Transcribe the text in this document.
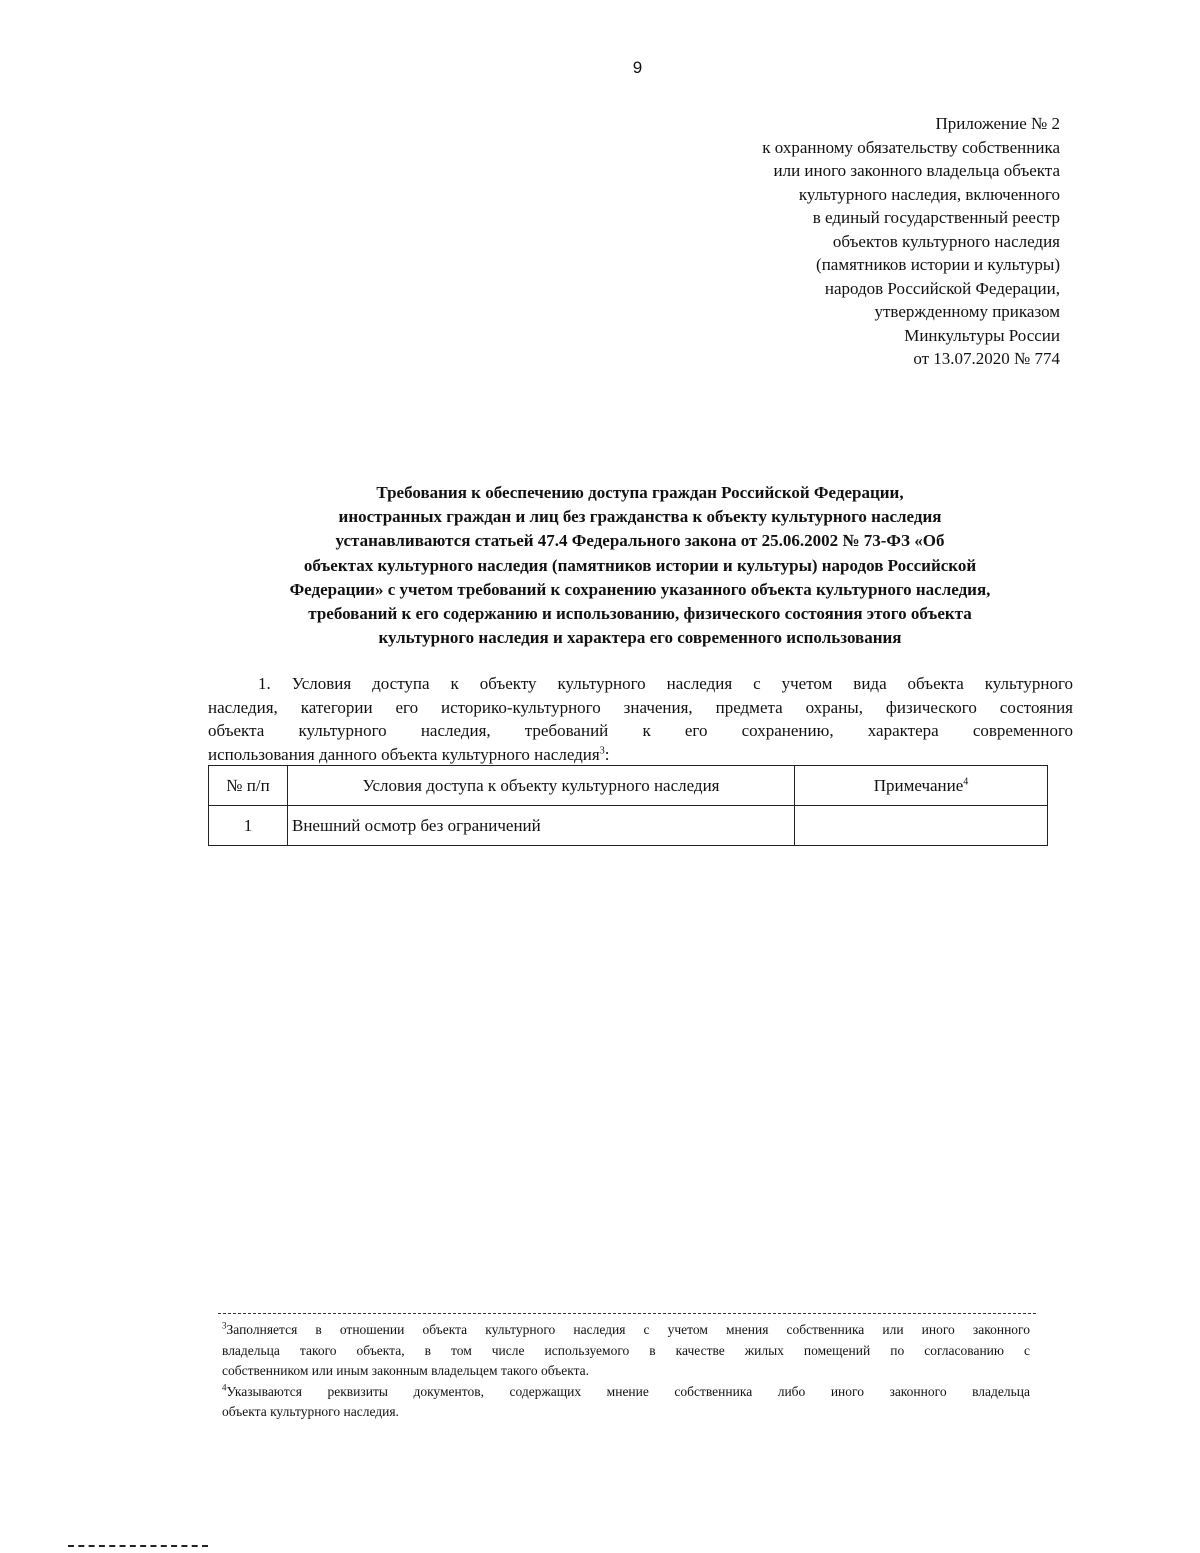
9
Приложение № 2
к охранному обязательству собственника
или иного законного владельца объекта
культурного наследия, включенного
в единый государственный реестр
объектов культурного наследия
(памятников истории и культуры)
народов Российской Федерации,
утвержденному приказом
Минкультуры России
от 13.07.2020 № 774
Требования к обеспечению доступа граждан Российской Федерации,
иностранных граждан и лиц без гражданства к объекту культурного наследия
устанавливаются статьей 47.4 Федерального закона от 25.06.2002 № 73-ФЗ «Об
объектах культурного наследия (памятников истории и культуры) народов Российской
Федерации» с учетом требований к сохранению указанного объекта культурного наследия,
требований к его содержанию и использованию, физического состояния этого объекта
культурного наследия и характера его современного использования
1. Условия доступа к объекту культурного наследия с учетом вида объекта культурного
наследия, категории его историко-культурного значения, предмета охраны, физического состояния
объекта культурного наследия, требований к его сохранению, характера современного
использования данного объекта культурного наследия$^3$:
№ п/п	Условия доступа к объекту культурного наследия	Примечание$^4$
1	Внешний осмотр без ограничений	
$^3$Заполняется в отношении объекта культурного наследия с учетом мнения собственника или иного законного
владельца такого объекта, в том числе используемого в качестве жилых помещений по согласованию с
собственником или иным законным владельцем такого объекта.
$^4$Указываются реквизиты документов, содержащих мнение собственника либо иного законного владельца
объекта культурного наследия.
